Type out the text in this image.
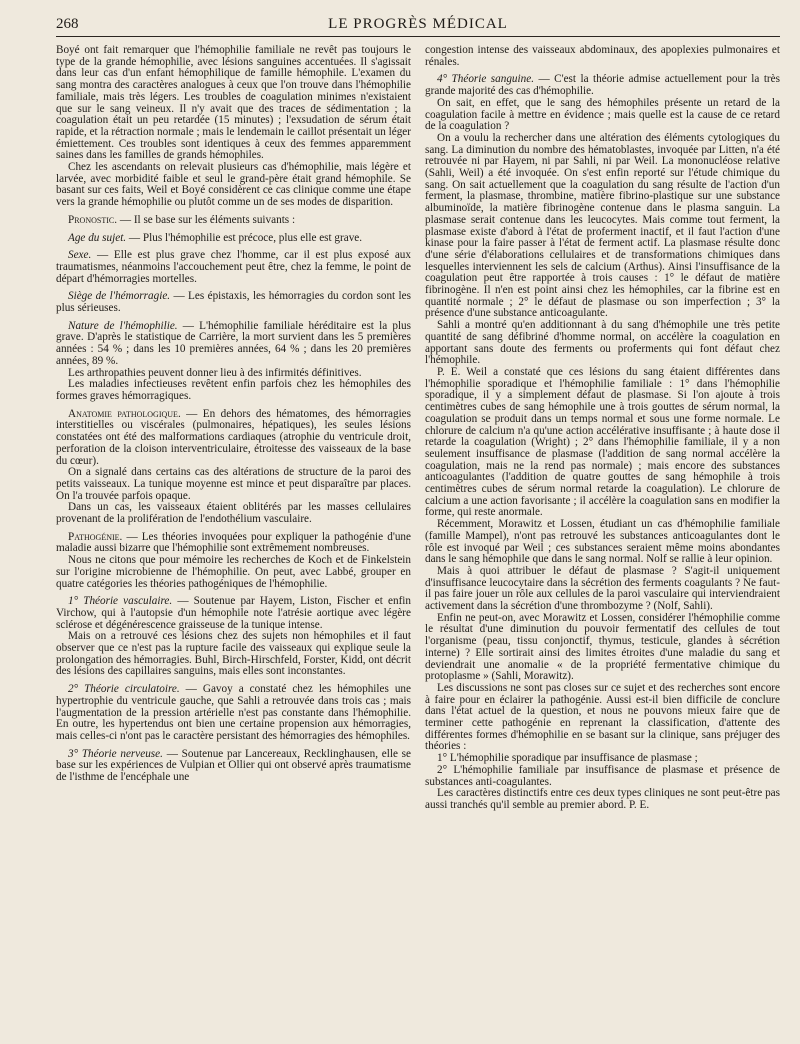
268	LE PROGRÈS MÉDICAL

Boyé ont fait remarquer que l'hémophilie familiale ne revêt pas toujours le type de la grande hémophilie, avec lésions sanguines accentuées. Il s'agissait dans leur cas d'un enfant hémophilique de famille hémophile. L'examen du sang montra des caractères analogues à ceux que l'on trouve dans l'hémophilie familiale, mais très légers. Les troubles de coagulation minimes n'existaient que sur le sang veineux. Il n'y avait que des traces de sédimentation ; la coagulation était un peu retardée (15 minutes) ; l'exsudation de sérum était rapide, et la rétraction normale ; mais le lendemain le caillot présentait un léger émiettement. Ces troubles sont identiques à ceux des femmes apparemment saines dans les familles de grands hémophiles.

Chez les ascendants on relevait plusieurs cas d'hémophilie, mais légère et larvée, avec morbidité faible et seul le grand-père était grand hémophile. Se basant sur ces faits, Weil et Boyé considèrent ce cas clinique comme une étape vers la grande hémophilie ou plutôt comme un de ses modes de disparition.

Pronostic. — Il se base sur les éléments suivants :

Age du sujet. — Plus l'hémophilie est précoce, plus elle est grave.

Sexe. — Elle est plus grave chez l'homme, car il est plus exposé aux traumatismes, néanmoins l'accouchement peut être, chez la femme, le point de départ d'hémorragies mortelles.

Siège de l'hémorragie. — Les épistaxis, les hémorragies du cordon sont les plus sérieuses.

Nature de l'hémophilie. — L'hémophilie familiale héréditaire est la plus grave. D'après le statistique de Carrière, la mort survient dans les 5 premières années : 54 % ; dans les 10 premières années, 64 % ; dans les 20 premières années, 89 %.

Les arthropathies peuvent donner lieu à des infirmités définitives.

Les maladies infectieuses revêtent enfin parfois chez les hémophiles des formes graves hémorragiques.

Anatomie pathologique. — En dehors des hématomes, des hémorragies interstitielles ou viscérales (pulmonaires, hépatiques), les seules lésions constatées ont été des malformations cardiaques (atrophie du ventricule droit, perforation de la cloison interventriculaire, étroitesse des vaisseaux de la base du cœur).

On a signalé dans certains cas des altérations de structure de la paroi des petits vaisseaux. La tunique moyenne est mince et peut disparaître par places. On l'a trouvée parfois opaque.

Dans un cas, les vaisseaux étaient oblitérés par les masses cellulaires provenant de la prolifération de l'endothélium vasculaire.

Pathogénie. — Les théories invoquées pour expliquer la pathogénie d'une maladie aussi bizarre que l'hémophilie sont extrêmement nombreuses.

Nous ne citons que pour mémoire les recherches de Koch et de Finkelstein sur l'origine microbienne de l'hémophilie. On peut, avec Labbé, grouper en quatre catégories les théories pathogéniques de l'hémophilie.

1° Théorie vasculaire. — Soutenue par Hayem, Liston, Fischer et enfin Virchow, qui à l'autopsie d'un hémophile note l'atrésie aortique avec légère sclérose et dégénérescence graisseuse de la tunique intense.

Mais on a retrouvé ces lésions chez des sujets non hémophiles et il faut observer que ce n'est pas la rupture facile des vaisseaux qui explique seule la prolongation des hémorragies. Buhl, Birch-Hirschfeld, Forster, Kidd, ont décrit des lésions des capillaires sanguins, mais elles sont inconstantes.

2° Théorie circulatoire. — Gavoy a constaté chez les hémophiles une hypertrophie du ventricule gauche, que Sahli a retrouvée dans trois cas ; mais l'augmentation de la pression artérielle n'est pas constante dans l'hémophilie. En outre, les hypertendus ont bien une certaine propension aux hémorragies, mais celles-ci n'ont pas le caractère persistant des hémorragies des hémophiles.

3° Théorie nerveuse. — Soutenue par Lancereaux, Recklinghausen, elle se base sur les expériences de Vulpian et Ollier qui ont observé après traumatisme de l'isthme de l'encéphale une

congestion intense des vaisseaux abdominaux, des apoplexies pulmonaires et rénales.

4° Théorie sanguine. — C'est la théorie admise actuellement pour la très grande majorité des cas d'hémophilie.

On sait, en effet, que le sang des hémophiles présente un retard de la coagulation facile à mettre en évidence ; mais quelle est la cause de ce retard de la coagulation ?

On a voulu la rechercher dans une altération des éléments cytologiques du sang. La diminution du nombre des hématoblastes, invoquée par Litten, n'a été retrouvée ni par Hayem, ni par Sahli, ni par Weil. La mononucléose relative (Sahli, Weil) a été invoquée. On s'est enfin reporté sur l'étude chimique du sang. On sait actuellement que la coagulation du sang résulte de l'action d'un ferment, la plasmase, thrombine, matière fibrino-plastique sur une substance albuminoïde, la matière fibrinogène contenue dans le plasma sanguin. La plasmase serait contenue dans les leucocytes. Mais comme tout ferment, la plasmase existe d'abord à l'état de proferment inactif, et il faut l'action d'une kinase pour la faire passer à l'état de ferment actif. La plasmase résulte donc d'une série d'élaborations cellulaires et de transformations chimiques dans lesquelles interviennent les sels de calcium (Arthus). Ainsi l'insuffisance de la coagulation peut être rapportée à trois causes : 1° le défaut de matière fibrinogène. Il n'en est point ainsi chez les hémophiles, car la fibrine est en quantité normale ; 2° le défaut de plasmase ou son imperfection ; 3° la présence d'une substance anticoagulante.

Sahli a montré qu'en additionnant à du sang d'hémophile une très petite quantité de sang défibriné d'homme normal, on accélère la coagulation en apportant sans doute des ferments ou proferments qui font défaut chez l'hémophile.

P. E. Weil a constaté que ces lésions du sang étaient différentes dans l'hémophilie sporadique et l'hémophilie familiale : 1° dans l'hémophilie sporadique, il y a simplement défaut de plasmase. Si l'on ajoute à trois centimètres cubes de sang hémophile une à trois gouttes de sérum normal, la coagulation se produit dans un temps normal et sous une forme normale. Le chlorure de calcium n'a qu'une action accélérative insuffisante ; à haute dose il retarde la coagulation (Wright) ; 2° dans l'hémophilie familiale, il y a non seulement insuffisance de plasmase (l'addition de sang normal accélère la coagulation, mais ne la rend pas normale) ; mais encore des substances anticoagulantes (l'addition de quatre gouttes de sang hémophile à trois centimètres cubes de sérum normal retarde la coagulation). Le chlorure de calcium a une action favorisante ; il accélère la coagulation sans en modifier la forme, qui reste anormale.

Récemment, Morawitz et Lossen, étudiant un cas d'hémophilie familiale (famille Mampel), n'ont pas retrouvé les substances anticoagulantes dont le rôle est invoqué par Weil ; ces substances seraient même moins abondantes dans le sang hémophile que dans le sang normal. Nolf se rallie à leur opinion.

Mais à quoi attribuer le défaut de plasmase ? S'agit-il uniquement d'insuffisance leucocytaire dans la sécrétion des ferments coagulants ? Ne faut-il pas faire jouer un rôle aux cellules de la paroi vasculaire qui interviendraient activement dans la sécrétion d'une thrombozyme ? (Nolf, Sahli).

Enfin ne peut-on, avec Morawitz et Lossen, considérer l'hémophilie comme le résultat d'une diminution du pouvoir fermentatif des cellules de tout l'organisme (peau, tissu conjonctif, thymus, testicule, glandes à sécrétion interne) ? Elle sortirait ainsi des limites étroites d'une maladie du sang et deviendrait une anomalie « de la propriété fermentative chimique du protoplasme » (Sahli, Morawitz).

Les discussions ne sont pas closes sur ce sujet et des recherches sont encore à faire pour en éclairer la pathogénie. Aussi est-il bien difficile de conclure dans l'état actuel de la question, et nous ne pouvons mieux faire que de terminer cette pathogénie en reprenant la classification, d'attente des différentes formes d'hémophilie en se basant sur la clinique, sans préjuger des théories :

1° L'hémophilie sporadique par insuffisance de plasmase ;

2° L'hémophilie familiale par insuffisance de plasmase et présence de substances anti-coagulantes.

Les caractères distinctifs entre ces deux types cliniques ne sont peut-être pas aussi tranchés qu'il semble au premier abord. P. E.
